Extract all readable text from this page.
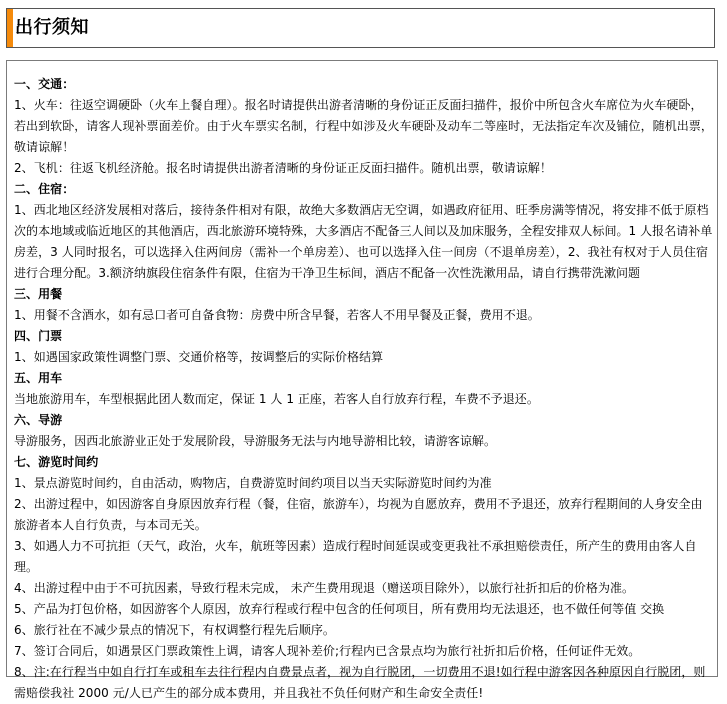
出行须知
一、交通：
1、火车：往返空调硬卧（火车上餐自理）。报名时请提供出游者清晰的身份证正反面扫描件，报价中所包含火车席位为火车硬卧，若出到软卧，请客人现补票面差价。由于火车票实名制，行程中如涉及火车硬卧及动车二等座时，无法指定车次及铺位，随机出票，敬请谅解！
2、飞机：往返飞机经济舱。报名时请提供出游者清晰的身份证正反面扫描件。随机出票，敬请谅解！
二、住宿：
1、西北地区经济发展相对落后，接待条件相对有限，故绝大多数酒店无空调，如遇政府征用、旺季房满等情况，将安排不低于原档次的本地域或临近地区的其他酒店，西北旅游环境特殊，大多酒店不配备三人间以及加床服务，全程安排双人标间。1 人报名请补单房差，3 人同时报名，可以选择入住两间房（需补一个单房差）、也可以选择入住一间房（不退单房差），2、我社有权对于人员住宿进行合理分配。3.额济纳旗段住宿条件有限，住宿为干净卫生标间，酒店不配备一次性洗漱用品，请自行携带洗漱问题
三、用餐
1、用餐不含酒水，如有忌口者可自备食物：房费中所含早餐，若客人不用早餐及正餐，费用不退。
四、门票
1、如遇国家政策性调整门票、交通价格等，按调整后的实际价格结算
五、用车
当地旅游用车，车型根据此团人数而定，保证 1 人 1 正座，若客人自行放弃行程，车费不予退还。
六、导游
导游服务，因西北旅游业正处于发展阶段，导游服务无法与内地导游相比较，请游客谅解。
七、游览时间约
1、景点游览时间约，自由活动，购物店，自费游览时间约项目以当天实际游览时间约为准
2、出游过程中，如因游客自身原因放弃行程（餐，住宿，旅游车），均视为自愿放弃，费用不予退还，放弃行程期间的人身安全由旅游者本人自行负责，与本司无关。
3、如遇人力不可抗拒（天气，政治，火车，航班等因素）造成行程时间延误或变更我社不承担赔偿责任，所产生的费用由客人自理。
4、出游过程中由于不可抗因素，导致行程未完成， 未产生费用现退（赠送项目除外），以旅行社折扣后的价格为准。
5、产品为打包价格，如因游客个人原因，放弃行程或行程中包含的任何项目，所有费用均无法退还，也不做任何等值 交换
6、旅行社在不减少景点的情况下，有权调整行程先后顺序。
7、签订合同后，如遇景区门票政策性上调，请客人现补差价;行程内已含景点均为旅行社折扣后价格，任何证件无效。
8、注:在行程当中如自行打车或租车去往行程内自费景点者，视为自行脱团，一切费用不退!如行程中游客因各种原因自行脱团，则需赔偿我社 2000 元/人已产生的部分成本费用，并且我社不负任何财产和生命安全责任!
